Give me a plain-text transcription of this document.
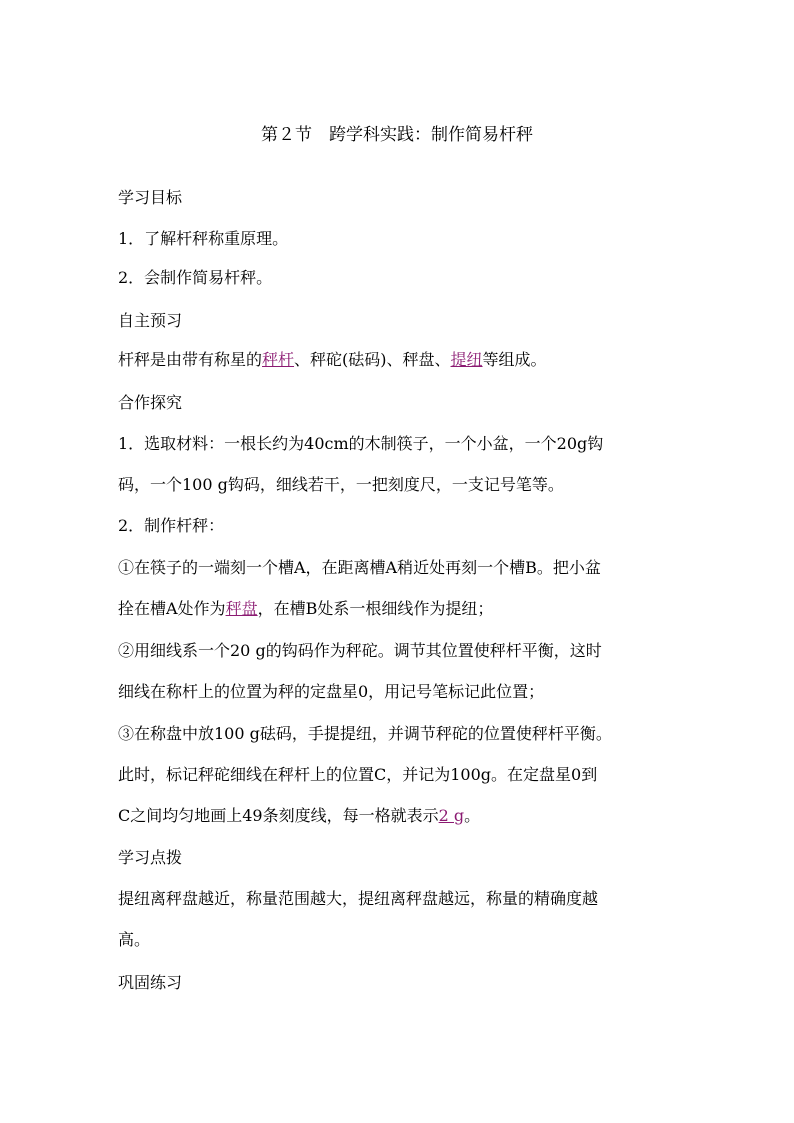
第２节　跨学科实践：制作简易杆秤
学习目标
1．了解杆秤称重原理。
2．会制作简易杆秤。
自主预习
杆秤是由带有称星的秤杆、秤砣(砝码)、秤盘、提纽等组成。
合作探究
1．选取材料：一根长约为40cm的木制筷子，一个小盆，一个20g钩
码，一个100 g钩码，细线若干，一把刻度尺，一支记号笔等。
2．制作杆秤：
①在筷子的一端刻一个槽A，在距离槽A稍近处再刻一个槽B。把小盆
拴在槽A处作为秤盘，在槽B处系一根细线作为提纽；
②用细线系一个20 g的钩码作为秤砣。调节其位置使秤杆平衡，这时
细线在称杆上的位置为秤的定盘星0，用记号笔标记此位置；
③在称盘中放100 g砝码，手提提纽，并调节秤砣的位置使秤杆平衡。
此时，标记秤砣细线在秤杆上的位置C，并记为100g。在定盘星0到
C之间均匀地画上49条刻度线，每一格就表示2 g。
学习点拨
提纽离秤盘越近，称量范围越大，提纽离秤盘越远，称量的精确度越
高。
巩固练习
